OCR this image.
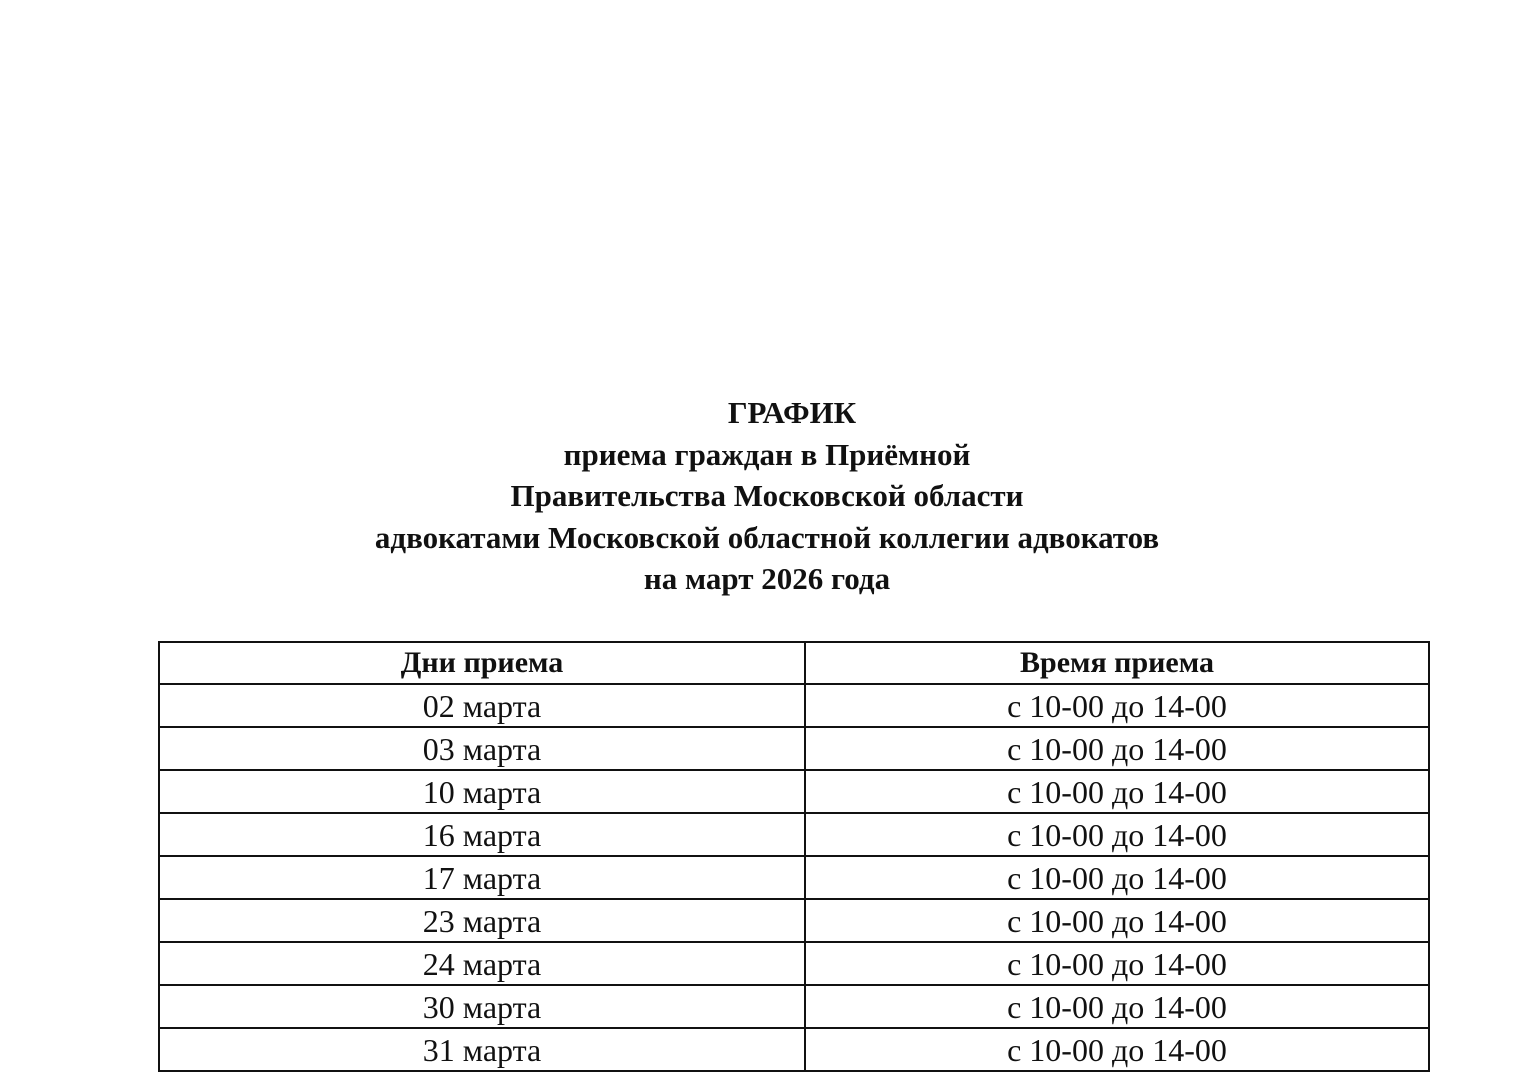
ГРАФИК
приема граждан в Приёмной
Правительства Московской области
адвокатами Московской областной коллегии адвокатов
на март 2026 года
Дни приема	Время приема
02 марта	с 10-00 до 14-00
03 марта	с 10-00 до 14-00
10 марта	с 10-00 до 14-00
16 марта	с 10-00 до 14-00
17 марта	с 10-00 до 14-00
23 марта	с 10-00 до 14-00
24 марта	с 10-00 до 14-00
30 марта	с 10-00 до 14-00
31 марта	с 10-00 до 14-00
